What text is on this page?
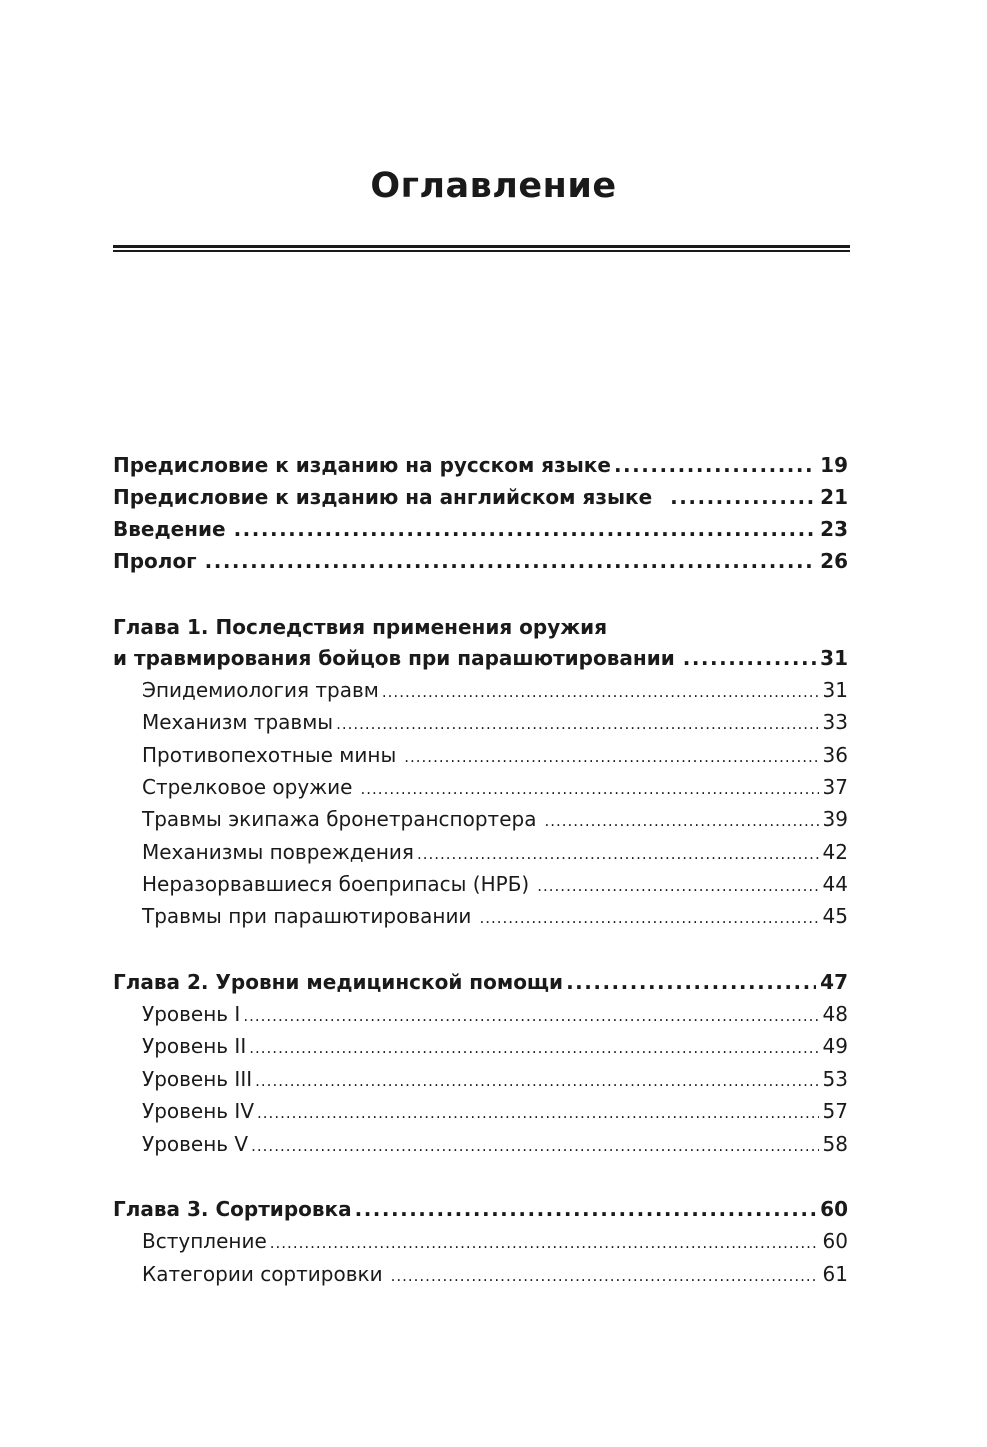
Оглавление
Предисловие к изданию на русском языке .....	19
Предисловие к изданию на английском языке .....	21
Введение .....	23
Пролог .....	26
Глава 1. Последствия применения оружия
и травмирования бойцов при парашютировании .....	31
Эпидемиология травм .....	31
Механизм травмы .....	33
Противопехотные мины .....	36
Стрелковое оружие .....	37
Травмы экипажа бронетранспортера .....	39
Механизмы повреждения .....	42
Неразорвавшиеся боеприпасы (НРБ) .....	44
Травмы при парашютировании .....	45
Глава 2. Уровни медицинской помощи .....	47
Уровень I .....	48
Уровень II .....	49
Уровень III .....	53
Уровень IV .....	57
Уровень V .....	58
Глава 3. Сортировка .....	60
Вступление .....	60
Категории сортировки .....	61
